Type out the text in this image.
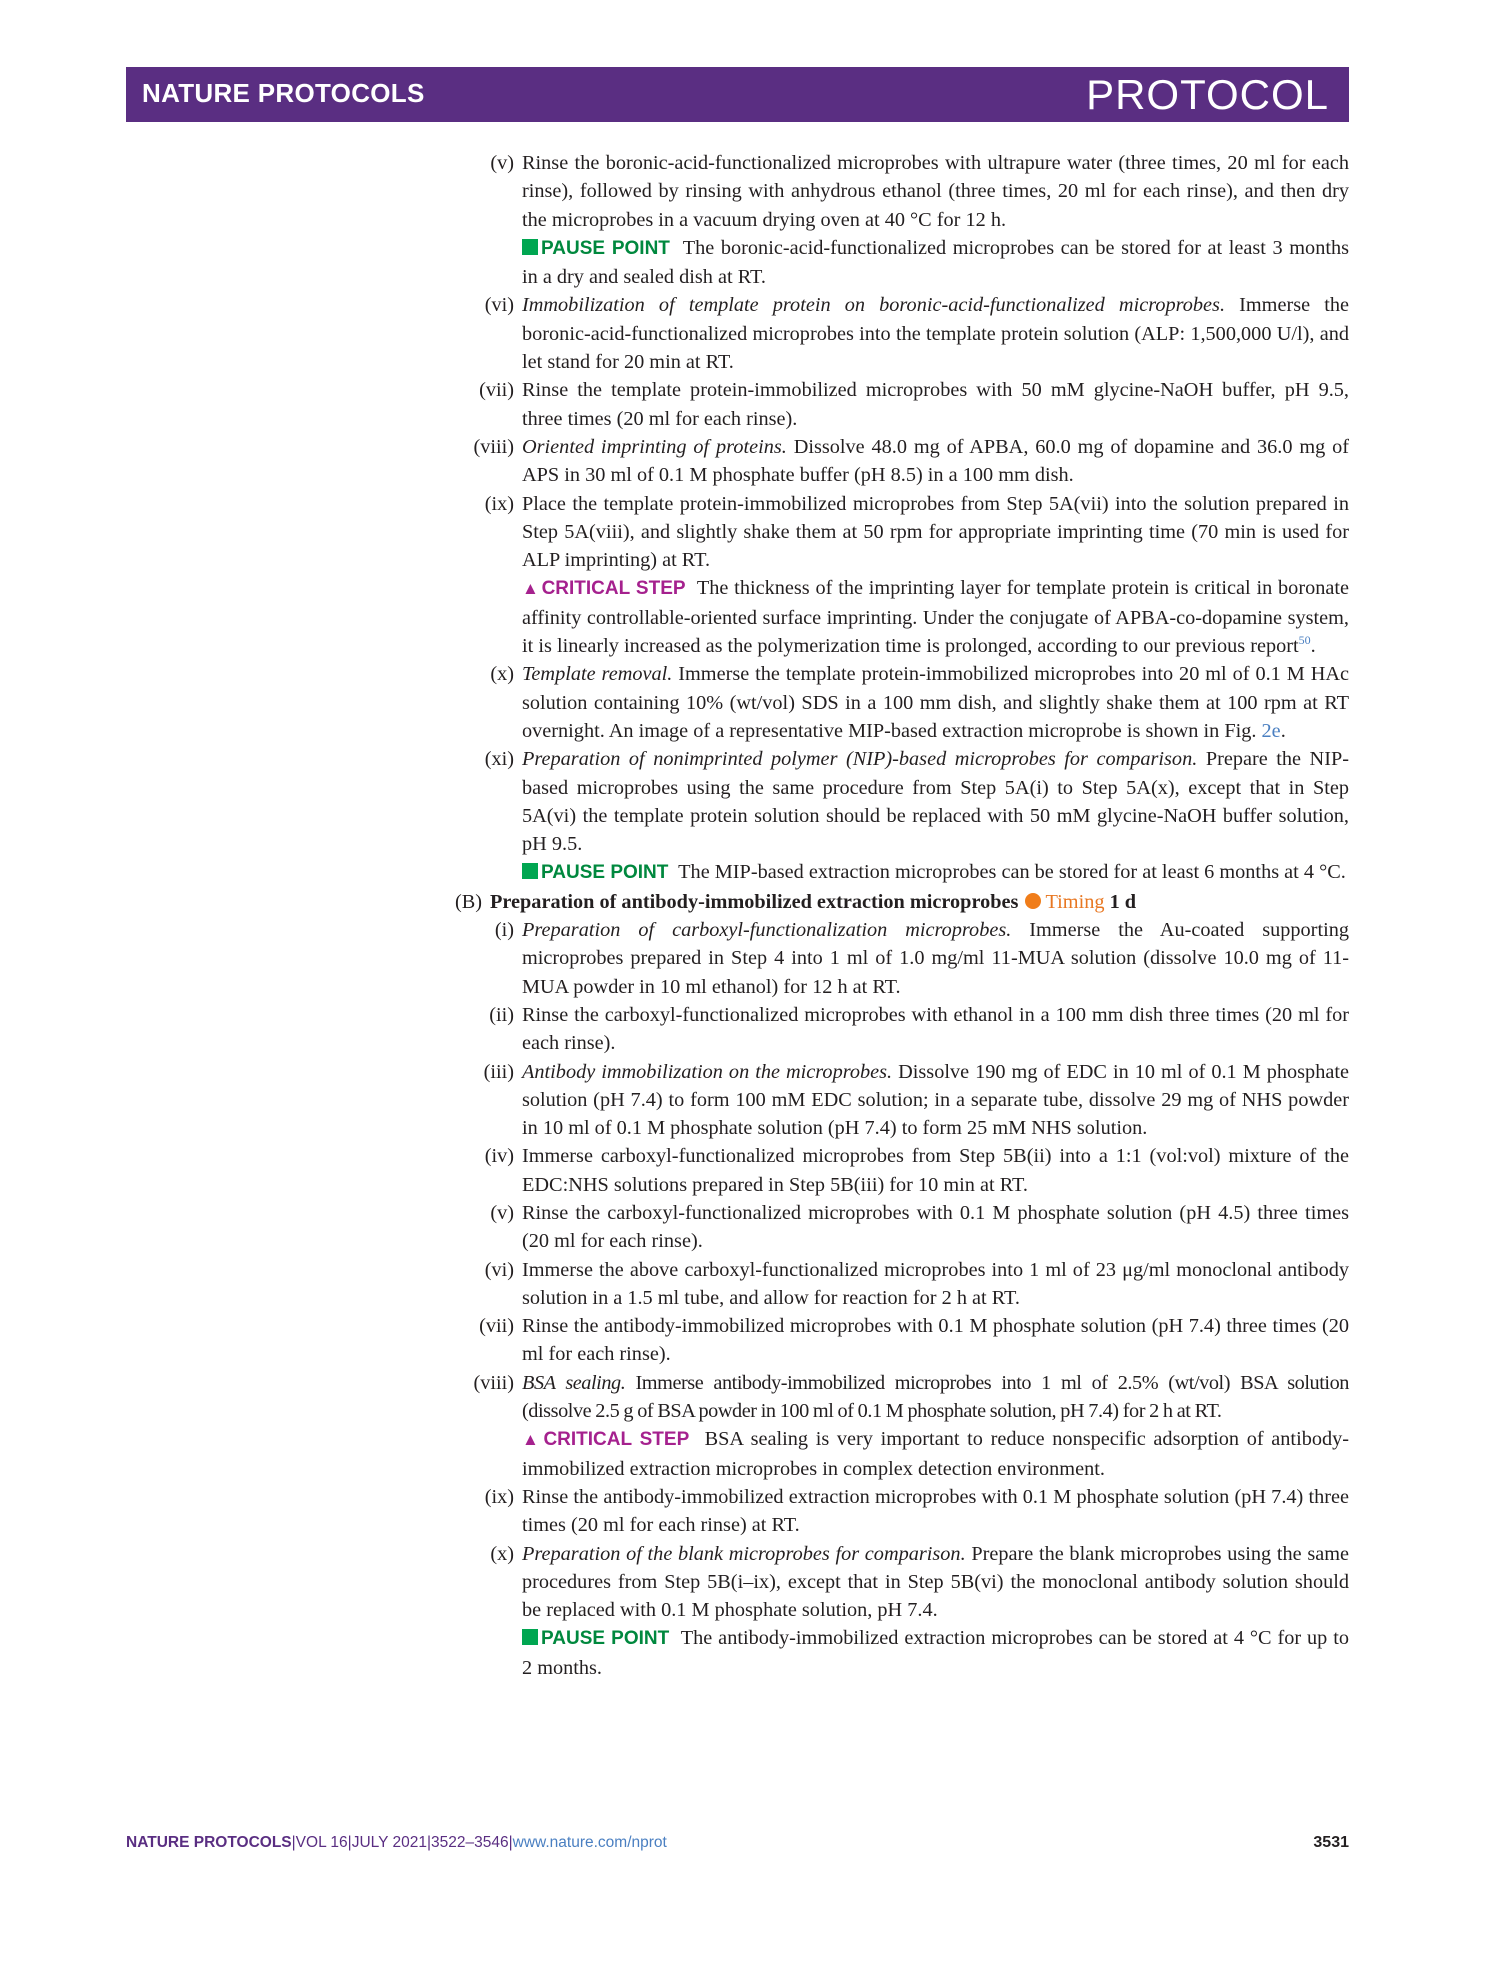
NATURE PROTOCOLS	PROTOCOL
(v) Rinse the boronic-acid-functionalized microprobes with ultrapure water (three times, 20 ml for each rinse), followed by rinsing with anhydrous ethanol (three times, 20 ml for each rinse), and then dry the microprobes in a vacuum drying oven at 40 °C for 12 h.

PAUSE POINT The boronic-acid-functionalized microprobes can be stored for at least 3 months in a dry and sealed dish at RT.

(vi) Immobilization of template protein on boronic-acid-functionalized microprobes. Immerse the boronic-acid-functionalized microprobes into the template protein solution (ALP: 1,500,000 U/l), and let stand for 20 min at RT.

(vii) Rinse the template protein-immobilized microprobes with 50 mM glycine-NaOH buffer, pH 9.5, three times (20 ml for each rinse).

(viii) Oriented imprinting of proteins. Dissolve 48.0 mg of APBA, 60.0 mg of dopamine and 36.0 mg of APS in 30 ml of 0.1 M phosphate buffer (pH 8.5) in a 100 mm dish.

(ix) Place the template protein-immobilized microprobes from Step 5A(vii) into the solution prepared in Step 5A(viii), and slightly shake them at 50 rpm for appropriate imprinting time (70 min is used for ALP imprinting) at RT.

▲ CRITICAL STEP The thickness of the imprinting layer for template protein is critical in boronate affinity controllable-oriented surface imprinting. Under the conjugate of APBA-co-dopamine system, it is linearly increased as the polymerization time is prolonged, according to our previous report$^{50}$.

(x) Template removal. Immerse the template protein-immobilized microprobes into 20 ml of 0.1 M HAc solution containing 10% (wt/vol) SDS in a 100 mm dish, and slightly shake them at 100 rpm at RT overnight. An image of a representative MIP-based extraction microprobe is shown in Fig. 2e.

(xi) Preparation of nonimprinted polymer (NIP)-based microprobes for comparison. Prepare the NIP-based microprobes using the same procedure from Step 5A(i) to Step 5A(x), except that in Step 5A(vi) the template protein solution should be replaced with 50 mM glycine-NaOH buffer solution, pH 9.5.

PAUSE POINT The MIP-based extraction microprobes can be stored for at least 6 months at 4 °C.

(B) Preparation of antibody-immobilized extraction microprobes Timing 1 d
(i) Preparation of carboxyl-functionalization microprobes. Immerse the Au-coated supporting microprobes prepared in Step 4 into 1 ml of 1.0 mg/ml 11-MUA solution (dissolve 10.0 mg of 11-MUA powder in 10 ml ethanol) for 12 h at RT.

(ii) Rinse the carboxyl-functionalized microprobes with ethanol in a 100 mm dish three times (20 ml for each rinse).

(iii) Antibody immobilization on the microprobes. Dissolve 190 mg of EDC in 10 ml of 0.1 M phosphate solution (pH 7.4) to form 100 mM EDC solution; in a separate tube, dissolve 29 mg of NHS powder in 10 ml of 0.1 M phosphate solution (pH 7.4) to form 25 mM NHS solution.

(iv) Immerse carboxyl-functionalized microprobes from Step 5B(ii) into a 1:1 (vol:vol) mixture of the EDC:NHS solutions prepared in Step 5B(iii) for 10 min at RT.

(v) Rinse the carboxyl-functionalized microprobes with 0.1 M phosphate solution (pH 4.5) three times (20 ml for each rinse).

(vi) Immerse the above carboxyl-functionalized microprobes into 1 ml of 23 μg/ml monoclonal antibody solution in a 1.5 ml tube, and allow for reaction for 2 h at RT.

(vii) Rinse the antibody-immobilized microprobes with 0.1 M phosphate solution (pH 7.4) three times (20 ml for each rinse).

(viii) BSA sealing. Immerse antibody-immobilized microprobes into 1 ml of 2.5% (wt/vol) BSA solution (dissolve 2.5 g of BSA powder in 100 ml of 0.1 M phosphate solution, pH 7.4) for 2 h at RT.

▲ CRITICAL STEP BSA sealing is very important to reduce nonspecific adsorption of antibody-immobilized extraction microprobes in complex detection environment.

(ix) Rinse the antibody-immobilized extraction microprobes with 0.1 M phosphate solution (pH 7.4) three times (20 ml for each rinse) at RT.

(x) Preparation of the blank microprobes for comparison. Prepare the blank microprobes using the same procedures from Step 5B(i–ix), except that in Step 5B(vi) the monoclonal antibody solution should be replaced with 0.1 M phosphate solution, pH 7.4.

PAUSE POINT The antibody-immobilized extraction microprobes can be stored at 4 °C for up to 2 months.

NATURE PROTOCOLS|VOL 16|JULY 2021|3522–3546|www.nature.com/nprot	3531
